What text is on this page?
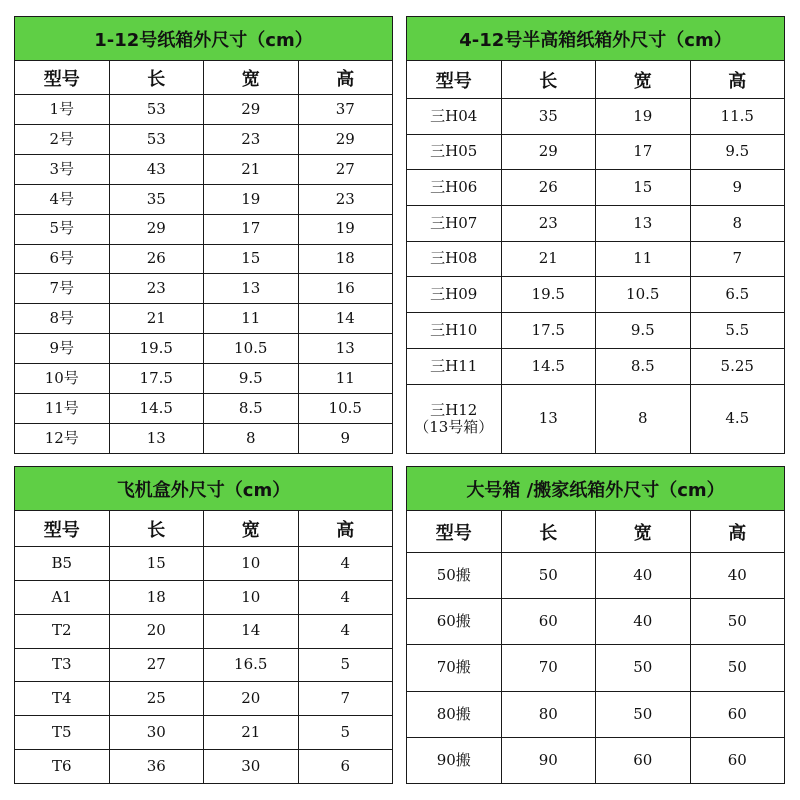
1-12号纸箱外尺寸（cm）			
型号	长	宽	高

1号	53	29	37

2号	53	23	29

3号	43	21	27

4号	35	19	23

5号	29	17	19

6号	26	15	18

7号	23	13	16

8号	21	11	14

9号	19.5	10.5	13

10号	17.5	9.5	11

11号	14.5	8.5	10.5

12号	13	8	9
4-12号半高箱纸箱外尺寸（cm）			
型号	长	宽	高

三H04	35	19	11.5

三H05	29	17	9.5

三H06	26	15	9

三H07	23	13	8

三H08	21	11	7

三H09	19.5	10.5	6.5

三H10	17.5	9.5	5.5

三H11	14.5	8.5	5.25

三H12
（13号箱）	13	8	4.5
飞机盒外尺寸（cm）			
型号	长	宽	高

B5	15	10	4

A1	18	10	4

T2	20	14	4

T3	27	16.5	5

T4	25	20	7

T5	30	21	5

T6	36	30	6
大号箱 /搬家纸箱外尺寸（cm）			
型号	长	宽	高

50搬	50	40	40

60搬	60	40	50

70搬	70	50	50

80搬	80	50	60

90搬	90	60	60
